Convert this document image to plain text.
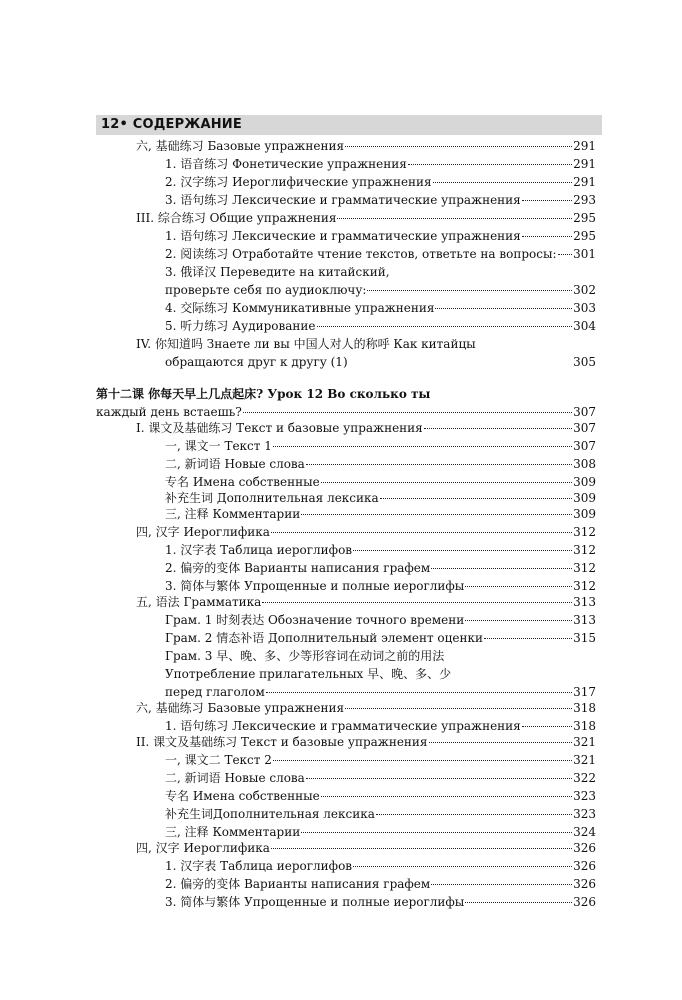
12• СОДЕРЖАНИЕ
六, 基础练习 Базовые упражнения	291
1. 语音练习 Фонетические упражнения	291
2. 汉字练习 Иероглифические упражнения	291
3. 语句练习 Лексические и грамматические упражнения	293
III. 综合练习 Общие упражнения	295
1. 语句练习 Лексические и грамматические упражнения	295
2. 阅读练习 Отработайте чтение текстов, ответьте на вопросы: 301
3. 俄译汉 Переведите на китайский,
проверьте себя по аудиоключу:	302
4. 交际练习 Коммуникативные упражнения	303
5. 听力练习 Аудирование	304
IV. 你知道吗 Знаете ли вы 中国人对人的称呼 Как китайцы
обращаются друг к другу (1)	305
第十二课 你每天早上几点起床? Урок 12 Во сколько ты
каждый день встаешь?	307
I. 课文及基础练习 Текст и базовые упражнения	307
一, 课文一 Текст 1	307
二, 新词语 Новые слова	308
专名 Имена собственные	309
补充生词 Дополнительная лексика	309
三, 注释 Комментарии	309
四, 汉字 Иероглифика	312
1. 汉字表 Таблица иероглифов	312
2. 偏旁的变体 Варианты написания графем	312
3. 简体与繁体 Упрощенные и полные иероглифы	312
五, 语法 Грамматика	313
Грам. 1 时刻表达 Обозначение точного времени	313
Грам. 2 情态补语 Дополнительный элемент оценки	315
Грам. 3 早、晚、多、少等形容词在动词之前的用法
Употребление прилагательных 早、晚、多、少
перед глаголом	317
六, 基础练习 Базовые упражнения	318
1. 语句练习 Лексические и грамматические упражнения	318
II. 课文及基础练习 Текст и базовые упражнения	321
一, 课文二 Текст 2	321
二, 新词语 Новые слова	322
专名 Имена собственные	323
补充生词Дополнительная лексика	323
三, 注释 Комментарии	324
四, 汉字 Иероглифика	326
1. 汉字表 Таблица иероглифов	326
2. 偏旁的变体 Варианты написания графем	326
3. 简体与繁体 Упрощенные и полные иероглифы	326
